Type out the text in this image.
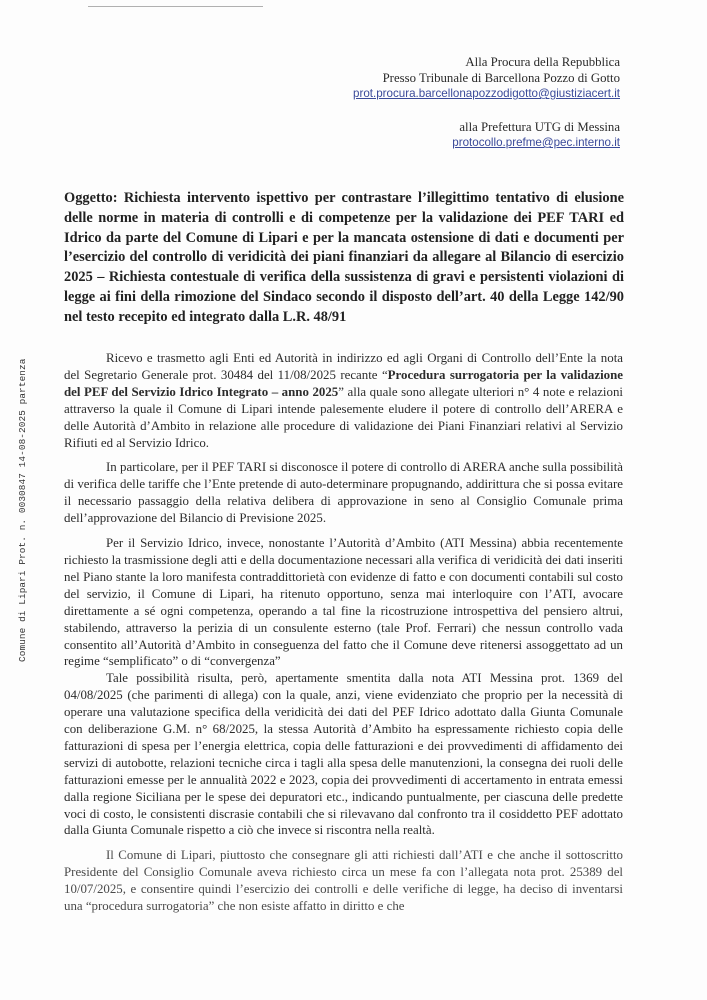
Alla Procura della Repubblica
Presso Tribunale di Barcellona Pozzo di Gotto
prot.procura.barcellonapozzodigotto@giustiziacert.it
alla Prefettura UTG di Messina
protocollo.prefme@pec.interno.it
Oggetto: Richiesta intervento ispettivo per contrastare l’illegittimo tentativo di elusione delle norme in materia di controlli e di competenze per la validazione dei PEF TARI ed Idrico da parte del Comune di Lipari e per la mancata ostensione di dati e documenti per l’esercizio del controllo di veridicità dei piani finanziari da allegare al Bilancio di esercizio 2025 – Richiesta contestuale di verifica della sussistenza di gravi e persistenti violazioni di legge ai fini della rimozione del Sindaco secondo il disposto dell’art. 40 della Legge 142/90 nel testo recepito ed integrato dalla L.R. 48/91

Ricevo e trasmetto agli Enti ed Autorità in indirizzo ed agli Organi di Controllo dell’Ente la nota del Segretario Generale prot. 30484 del 11/08/2025 recante “Procedura surrogatoria per la validazione del PEF del Servizio Idrico Integrato – anno 2025” alla quale sono allegate ulteriori n° 4 note e relazioni attraverso la quale il Comune di Lipari intende palesemente eludere il potere di controllo dell’ARERA e delle Autorità d’Ambito in relazione alle procedure di validazione dei Piani Finanziari relativi al Servizio Rifiuti ed al Servizio Idrico.

In particolare, per il PEF TARI si disconosce il potere di controllo di ARERA anche sulla possibilità di verifica delle tariffe che l’Ente pretende di auto-determinare propugnando, addirittura che si possa evitare il necessario passaggio della relativa delibera di approvazione in seno al Consiglio Comunale prima dell’approvazione del Bilancio di Previsione 2025.

Per il Servizio Idrico, invece, nonostante l’Autorità d’Ambito (ATI Messina) abbia recentemente richiesto la trasmissione degli atti e della documentazione necessari alla verifica di veridicità dei dati inseriti nel Piano stante la loro manifesta contraddittorietà con evidenze di fatto e con documenti contabili sul costo del servizio, il Comune di Lipari, ha ritenuto opportuno, senza mai interloquire con l’ATI, avocare direttamente a sé ogni competenza, operando a tal fine la ricostruzione introspettiva del pensiero altrui, stabilendo, attraverso la perizia di un consulente esterno (tale Prof. Ferrari) che nessun controllo vada consentito all’Autorità d’Ambito in conseguenza del fatto che il Comune deve ritenersi assoggettato ad un regime “semplificato” o di “convergenza”

Tale possibilità risulta, però, apertamente smentita dalla nota ATI Messina prot. 1369 del 04/08/2025 (che parimenti di allega) con la quale, anzi, viene evidenziato che proprio per la necessità di operare una valutazione specifica della veridicità dei dati del PEF Idrico adottato dalla Giunta Comunale con deliberazione G.M. n° 68/2025, la stessa Autorità d’Ambito ha espressamente richiesto copia delle fatturazioni di spesa per l’energia elettrica, copia delle fatturazioni e dei provvedimenti di affidamento dei servizi di autobotte, relazioni tecniche circa i tagli alla spesa delle manutenzioni, la consegna dei ruoli delle fatturazioni emesse per le annualità 2022 e 2023, copia dei provvedimenti di accertamento in entrata emessi dalla regione Siciliana per le spese dei depuratori etc., indicando puntualmente, per ciascuna delle predette voci di costo, le consistenti discrasie contabili che si rilevavano dal confronto tra il cosiddetto PEF adottato dalla Giunta Comunale rispetto a ciò che invece si riscontra nella realtà.

Il Comune di Lipari, piuttosto che consegnare gli atti richiesti dall’ATI e che anche il sottoscritto Presidente del Consiglio Comunale aveva richiesto circa un mese fa con l’allegata nota prot. 25389 del 10/07/2025, e consentire quindi l’esercizio dei controlli e delle verifiche di legge, ha deciso di inventarsi una “procedura surrogatoria” che non esiste affatto in diritto e che

Comune di Lipari Prot. n. 0030847 14-08-2025 partenza
